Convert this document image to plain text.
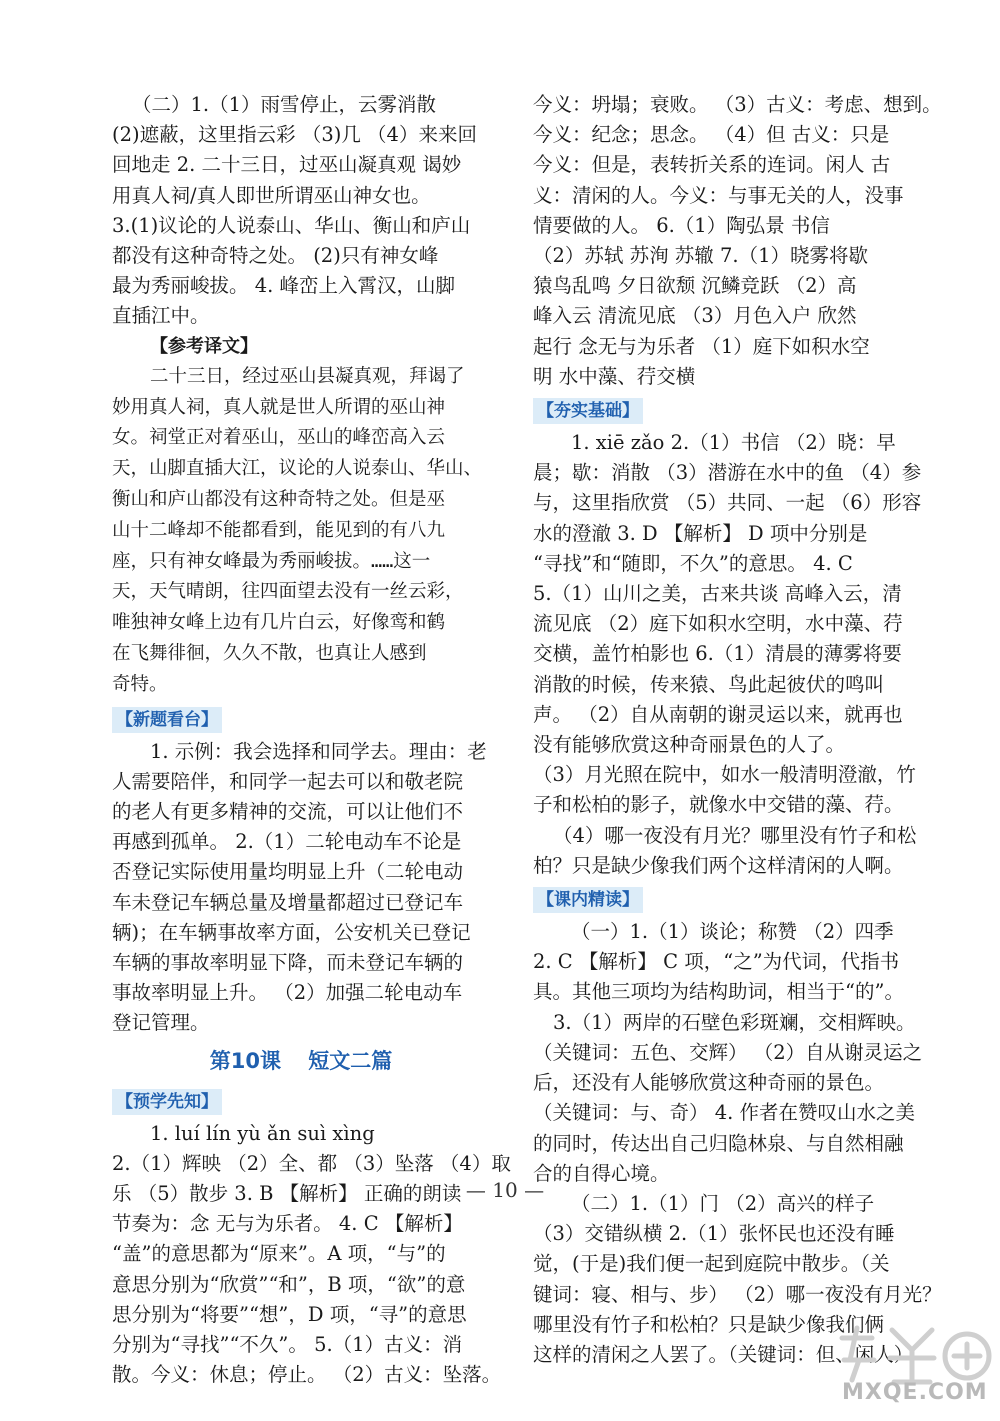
（二）1.（1）雨雪停止，云雾消散
(2)遮蔽，这里指云彩 （3)几 （4）来来回
回地走 2. 二十三日，过巫山凝真观 谒妙
用真人祠/真人即世所谓巫山神女也。
3.(1)议论的人说泰山、华山、衡山和庐山
都没有这种奇特之处。 (2)只有神女峰
最为秀丽峻拔。 4. 峰峦上入霄汉，山脚
直插江中。
【参考译文】
二十三日，经过巫山县凝真观，拜谒了
妙用真人祠，真人就是世人所谓的巫山神
女。祠堂正对着巫山，巫山的峰峦高入云
天，山脚直插大江，议论的人说泰山、华山、
衡山和庐山都没有这种奇特之处。但是巫
山十二峰却不能都看到，能见到的有八九
座，只有神女峰最为秀丽峻拔。……这一
天，天气晴朗，往四面望去没有一丝云彩，
唯独神女峰上边有几片白云，好像鸾和鹤
在飞舞徘徊，久久不散，也真让人感到
奇特。
【新题看台】
1. 示例：我会选择和同学去。理由：老
人需要陪伴，和同学一起去可以和敬老院
的老人有更多精神的交流，可以让他们不
再感到孤单。 2.（1）二轮电动车不论是
否登记实际使用量均明显上升（二轮电动
车未登记车辆总量及增量都超过已登记车
辆)；在车辆事故率方面，公安机关已登记
车辆的事故率明显下降，而未登记车辆的
事故率明显上升。 （2）加强二轮电动车
登记管理。
第10课 短文二篇
【预学先知】
1. luí lín yù ǎn suì xìng
2.（1）辉映 （2）全、都 （3）坠落 （4）取
乐 （5）散步 3. B 【解析】 正确的朗读
节奏为：念 无与为乐者。 4. C 【解析】
“盖”的意思都为“原来”。A 项，“与”的
意思分别为“欣赏”“和”，B 项，“欲”的意
思分别为“将要”“想”，D 项，“寻”的意思
分别为“寻找”“不久”。 5.（1）古义：消
散。今义：休息；停止。 （2）古义：坠落。
今义：坍塌；衰败。 （3）古义：考虑、想到。
今义：纪念；思念。 （4）但 古义：只是
今义：但是，表转折关系的连词。闲人 古
义：清闲的人。今义：与事无关的人，没事
情要做的人。 6.（1）陶弘景 书信
（2）苏轼 苏洵 苏辙 7.（1）晓雾将歇
猿鸟乱鸣 夕日欲颓 沉鳞竞跃 （2）高
峰入云 清流见底 （3）月色入户 欣然
起行 念无与为乐者 （1）庭下如积水空
明 水中藻、荇交横
【夯实基础】
1. xiē zǎo 2.（1）书信 （2）晓：早
晨；歇：消散 （3）潜游在水中的鱼 （4）参
与，这里指欣赏 （5）共同、一起 （6）形容
水的澄澈 3. D 【解析】 D 项中分别是
“寻找”和“随即，不久”的意思。 4. C
5.（1）山川之美，古来共谈 高峰入云，清
流见底 （2）庭下如积水空明，水中藻、荇
交横，盖竹柏影也 6.（1）清晨的薄雾将要
消散的时候，传来猿、鸟此起彼伏的鸣叫
声。 （2）自从南朝的谢灵运以来，就再也
没有能够欣赏这种奇丽景色的人了。
（3）月光照在院中，如水一般清明澄澈，竹
子和松柏的影子，就像水中交错的藻、荇。
（4）哪一夜没有月光？哪里没有竹子和松
柏？只是缺少像我们两个这样清闲的人啊。
【课内精读】
（一）1.（1）谈论；称赞 （2）四季
2. C 【解析】 C 项，“之”为代词，代指书
具。其他三项均为结构助词，相当于“的”。
3.（1）两岸的石壁色彩斑斓，交相辉映。
（关键词：五色、交辉） （2）自从谢灵运之
后，还没有人能够欣赏这种奇丽的景色。
（关键词：与、奇） 4. 作者在赞叹山水之美
的同时，传达出自己归隐林泉、与自然相融
合的自得心境。
（二）1.（1）门 （2）高兴的样子
（3）交错纵横 2.（1）张怀民也还没有睡
觉，(于是)我们便一起到庭院中散步。（关
键词：寝、相与、步） （2）哪一夜没有月光？
哪里没有竹子和松柏？只是缺少像我们俩
这样的清闲之人罢了。（关键词：但、闲人）
— 10 —
MXQE.COM
